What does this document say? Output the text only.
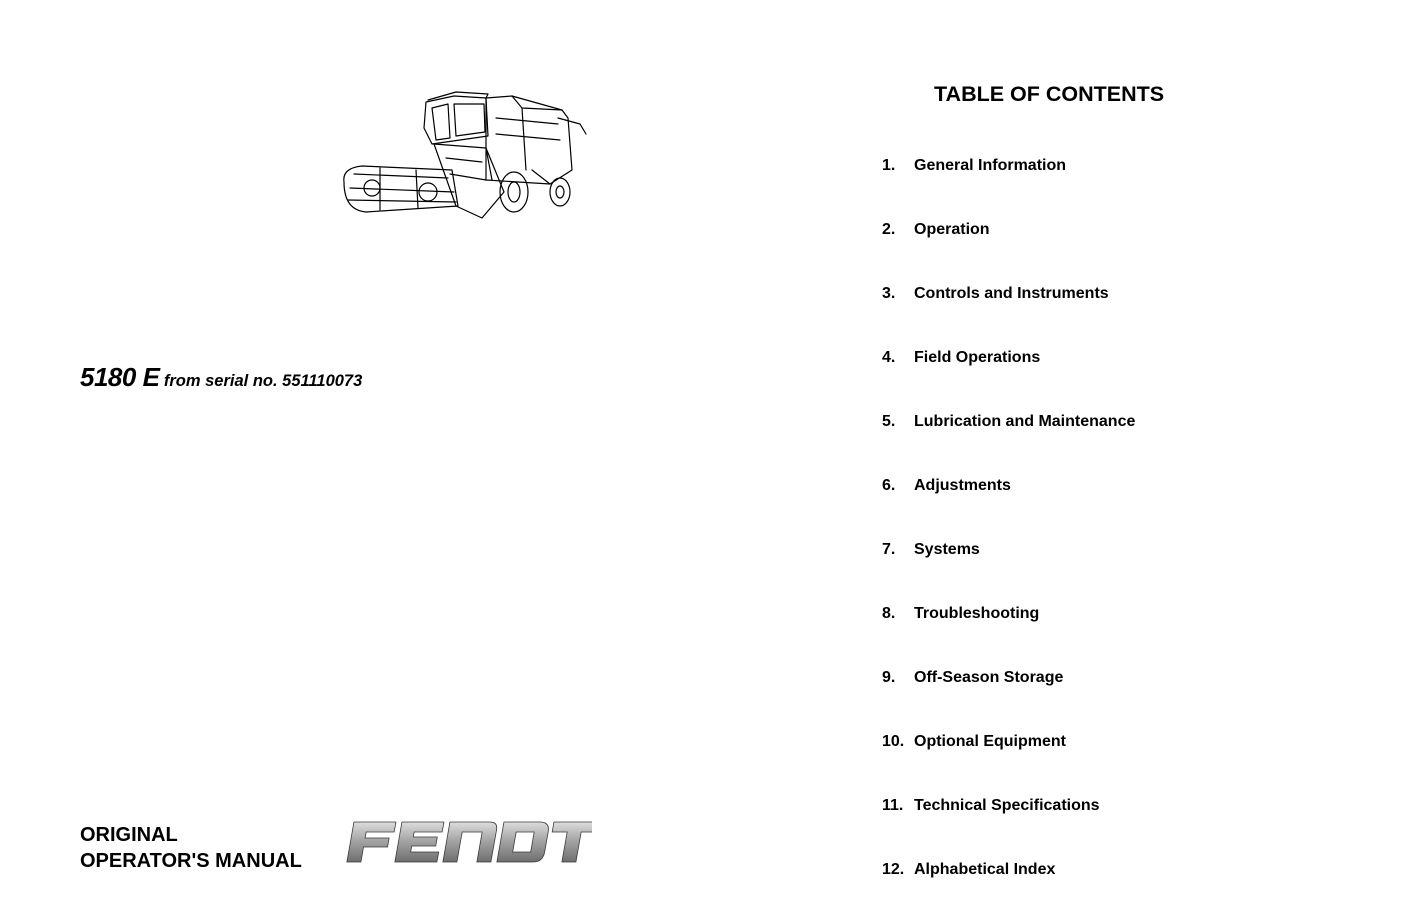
5180 E from serial no. 551110073
ORIGINAL
OPERATOR'S MANUAL
TABLE OF CONTENTS
1. General Information
2. Operation
3. Controls and Instruments
4. Field Operations
5. Lubrication and Maintenance
6. Adjustments
7. Systems
8. Troubleshooting
9. Off-Season Storage
10. Optional Equipment
11. Technical Specifications
12. Alphabetical Index
